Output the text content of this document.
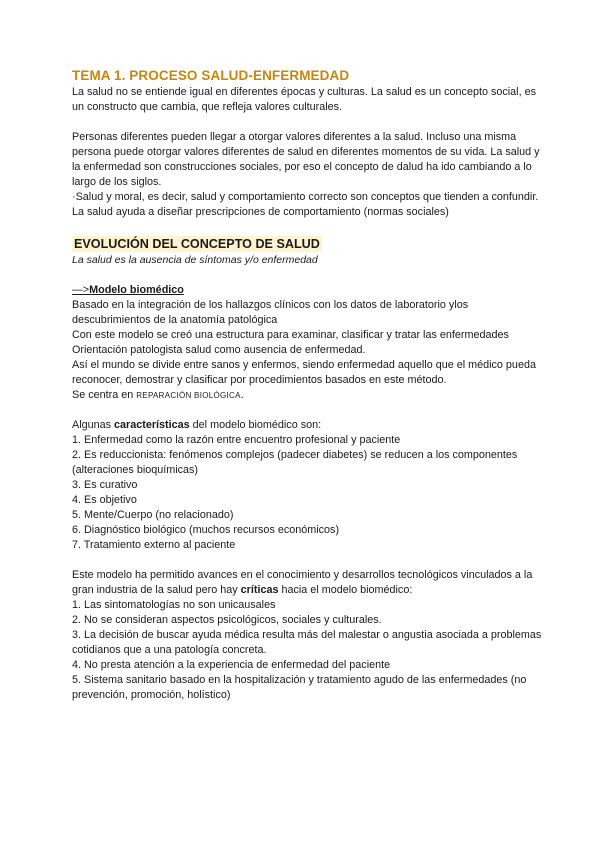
TEMA 1. PROCESO SALUD-ENFERMEDAD

La salud no se entiende igual en diferentes épocas y culturas. La salud es un concepto social, es un constructo que cambia, que refleja valores culturales.

Personas diferentes pueden llegar a otorgar valores diferentes a la salud. Incluso una misma persona puede otorgar valores diferentes de salud en diferentes momentos de su vida. La salud y la enfermedad son construcciones sociales, por eso el concepto de dalud ha ido cambiando a lo largo de los siglos.

·Salud y moral, es decir, salud y comportamiento correcto son conceptos que tienden a confundir. La salud ayuda a diseñar prescripciones de comportamiento (normas sociales)

EVOLUCIÓN DEL CONCEPTO DE SALUD

La salud es la ausencia de síntomas y/o enfermedad

—>Modelo biomédico

Basado en la integración de los hallazgos clínicos con los datos de laboratorio ylos descubrimientos de la anatomía patológica

Con este modelo se creó una estructura para examinar, clasificar y tratar las enfermedades

Orientación patologista salud como ausencia de enfermedad.

Así el mundo se divide entre sanos y enfermos, siendo enfermedad aquello que el médico pueda reconocer, demostrar y clasificar por procedimientos basados en este método.

Se centra en REPARACIÓN BIOLÓGICA.

Algunas características del modelo biomédico son:

1. Enfermedad como la razón entre encuentro profesional y paciente
2. Es reduccionista: fenómenos complejos (padecer diabetes) se reducen a los componentes (alteraciones bioquímicas)
3. Es curativo
4. Es objetivo
5. Mente/Cuerpo (no relacionado)
6. Diagnóstico biológico (muchos recursos económicos)
7. Tratamiento externo al paciente

Este modelo ha permitido avances en el conocimiento y desarrollos tecnológicos vinculados a la gran industria de la salud pero hay críticas hacia el modelo biomédico:

1. Las sintomatologías no son unicausales
2. No se consideran aspectos psicológicos, sociales y culturales.
3. La decisión de buscar ayuda médica resulta más del malestar o angustia asociada a problemas cotidianos que a una patología concreta.
4. No presta atención a la experiencia de enfermedad del paciente
5. Sistema sanitario basado en la hospitalización y tratamiento agudo de las enfermedades (no prevención, promoción, holístico)
